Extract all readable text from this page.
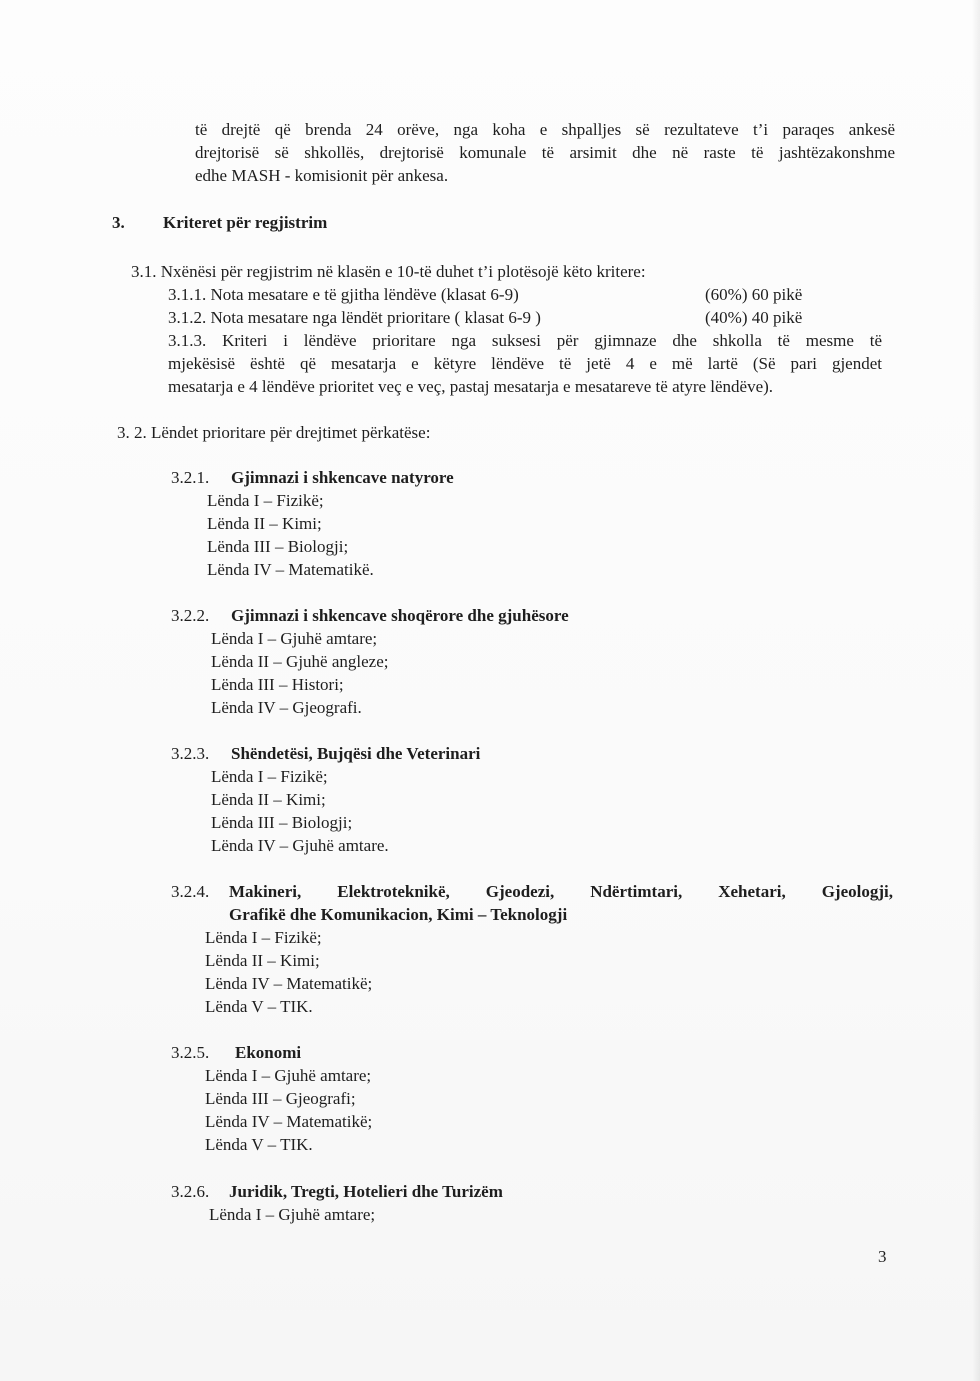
të drejtë që brenda 24 orëve, nga koha e shpalljes së rezultateve t’i paraqes ankesë
drejtorisë së shkollës, drejtorisë komunale të arsimit dhe në raste të jashtëzakonshme
edhe MASH - komisionit për ankesa.
3. Kriteret për regjistrim
3.1. Nxënësi për regjistrim në klasën e 10-të duhet t’i plotësojë këto kritere:
3.1.1. Nota mesatare e të gjitha lëndëve (klasat 6-9)	(60%) 60 pikë
3.1.2. Nota mesatare nga lëndët prioritare ( klasat 6-9 )	(40%) 40 pikë
3.1.3. Kriteri i lëndëve prioritare nga suksesi për gjimnaze dhe shkolla të mesme të
mjekësisë është që mesatarja e këtyre lëndëve të jetë 4 e më lartë (Së pari gjendet
mesatarja e 4 lëndëve prioritet veç e veç, pastaj mesatarja e mesatareve të atyre lëndëve).
3. 2. Lëndet prioritare për drejtimet përkatëse:
3.2.1. Gjimnazi i shkencave natyrore
Lënda I – Fizikë;
Lënda II – Kimi;
Lënda III – Biologji;
Lënda IV – Matematikë.
3.2.2. Gjimnazi i shkencave shoqërore dhe gjuhësore
Lënda I – Gjuhë amtare;
Lënda II – Gjuhë angleze;
Lënda III – Histori;
Lënda IV – Gjeografi.
3.2.3. Shëndetësi, Bujqësi dhe Veterinari
Lënda I – Fizikë;
Lënda II – Kimi;
Lënda III – Biologji;
Lënda IV – Gjuhë amtare.
3.2.4. Makineri, Elektroteknikë, Gjeodezi, Ndërtimtari, Xehetari, Gjeologji,
Grafikë dhe Komunikacion, Kimi – Teknologji
Lënda I – Fizikë;
Lënda II – Kimi;
Lënda IV – Matematikë;
Lënda V – TIK.
3.2.5. Ekonomi
Lënda I – Gjuhë amtare;
Lënda III – Gjeografi;
Lënda IV – Matematikë;
Lënda V – TIK.
3.2.6. Juridik, Tregti, Hotelieri dhe Turizëm
Lënda I – Gjuhë amtare;
3
